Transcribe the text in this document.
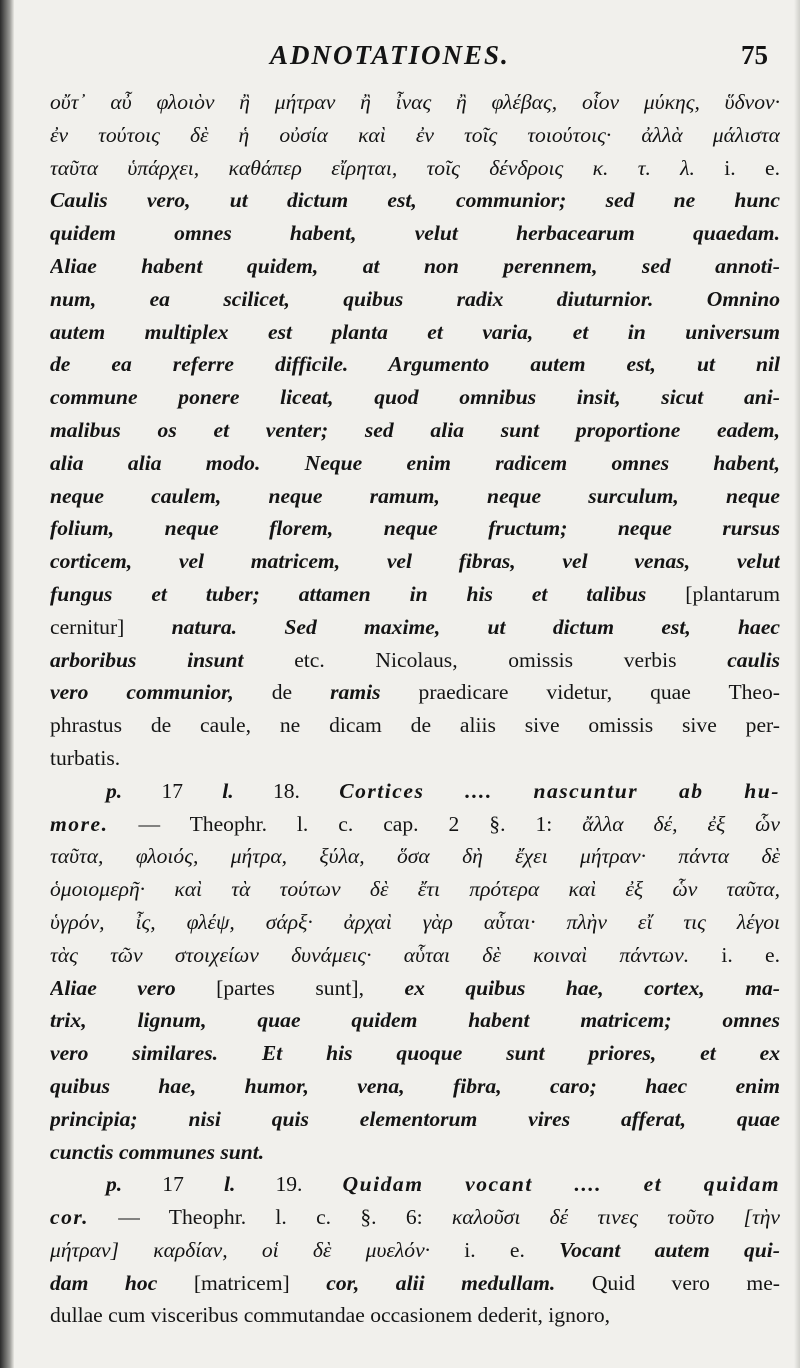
ADNOTATIONES.	75
οὔτ᾽ αὖ φλοιὸν ἢ μήτραν ἢ ἶνας ἢ φλέβας, οἷον μύκης, ὕδνον·
ἐν τούτοις δὲ ἡ οὐσία καὶ ἐν τοῖς τοιούτοις· ἀλλὰ μάλιστα
ταῦτα ὑπάρχει, καθάπερ εἴρηται, τοῖς δένδροις κ. τ. λ. i. e.
Caulis vero, ut dictum est, communior; sed ne hunc
quidem omnes habent, velut herbacearum quaedam.
Aliae habent quidem, at non perennem, sed annoti-
num, ea scilicet, quibus radix diuturnior. Omnino
autem multiplex est planta et varia, et in universum
de ea referre difficile. Argumento autem est, ut nil
commune ponere liceat, quod omnibus insit, sicut ani-
malibus os et venter; sed alia sunt proportione eadem,
alia alia modo. Neque enim radicem omnes habent,
neque caulem, neque ramum, neque surculum, neque
folium, neque florem, neque fructum; neque rursus
corticem, vel matricem, vel fibras, vel venas, velut
fungus et tuber; attamen in his et talibus [plantarum
cernitur] natura. Sed maxime, ut dictum est, haec
arboribus insunt etc. Nicolaus, omissis verbis caulis
vero communior, de ramis praedicare videtur, quae Theo-
phrastus de caule, ne dicam de aliis sive omissis sive per-
turbatis.
p. 17 l. 18. Cortices .... nascuntur ab hu-
more. — Theophr. l. c. cap. 2 §. 1: ἄλλα δέ, ἐξ ὧν
ταῦτα, φλοιός, μήτρα, ξύλα, ὅσα δὴ ἔχει μήτραν· πάντα δὲ
ὁμοιομερῆ· καὶ τὰ τούτων δὲ ἔτι πρότερα καὶ ἐξ ὧν ταῦτα,
ὑγρόν, ἶς, φλέψ, σάρξ· ἀρχαὶ γὰρ αὗται· πλὴν εἴ τις λέγοι
τὰς τῶν στοιχείων δυνάμεις· αὗται δὲ κοιναὶ πάντων. i. e.
Aliae vero [partes sunt], ex quibus hae, cortex, ma-
trix, lignum, quae quidem habent matricem; omnes
vero similares. Et his quoque sunt priores, et ex
quibus hae, humor, vena, fibra, caro; haec enim
principia; nisi quis elementorum vires afferat, quae
cunctis communes sunt.
p. 17 l. 19. Quidam vocant .... et quidam
cor. — Theophr. l. c. §. 6: καλοῦσι δέ τινες τοῦτο [τὴν
μήτραν] καρδίαν, οἱ δὲ μυελόν· i. e. Vocant autem qui-
dam hoc [matricem] cor, alii medullam. Quid vero me-
dullae cum visceribus commutandae occasionem dederit, ignoro,
